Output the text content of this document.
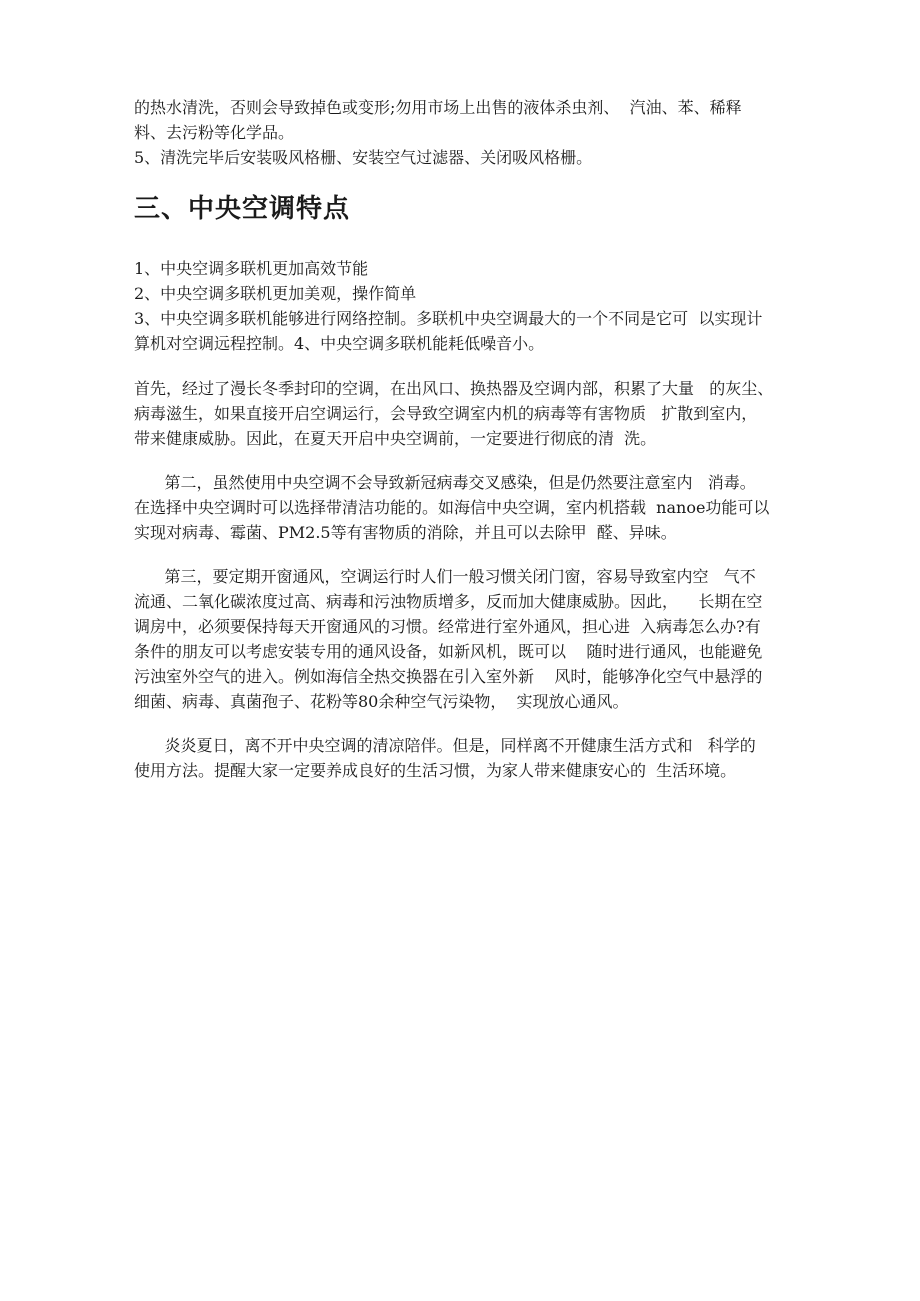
的热水清洗，否则会导致掉色或变形;勿用市场上出售的液体杀虫剂、  汽油、苯、稀释

料、去污粉等化学品。

5、清洗完毕后安装吸风格栅、安装空气过滤器、关闭吸风格栅。

三、中央空调特点

1、中央空调多联机更加高效节能

2、中央空调多联机更加美观，操作简单

3、中央空调多联机能够进行网络控制。多联机中央空调最大的一个不同是它可  以实现计

算机对空调远程控制。4、中央空调多联机能耗低噪音小。

首先，经过了漫长冬季封印的空调，在出风口、换热器及空调内部，积累了大量   的灰尘、

病毒滋生，如果直接开启空调运行，会导致空调室内机的病毒等有害物质   扩散到室内，

带来健康威胁。因此，在夏天开启中央空调前，一定要进行彻底的清  洗。

第二，虽然使用中央空调不会导致新冠病毒交叉感染，但是仍然要注意室内   消毒。

在选择中央空调时可以选择带清洁功能的。如海信中央空调，室内机搭载  nanoe功能可以

实现对病毒、霉菌、PM2.5等有害物质的消除，并且可以去除甲  醛、异味。

第三，要定期开窗通风，空调运行时人们一般习惯关闭门窗，容易导致室内空   气不

流通、二氧化碳浓度过高、病毒和污浊物质增多，反而加大健康威胁。因此，    长期在空

调房中，必须要保持每天开窗通风的习惯。经常进行室外通风，担心进  入病毒怎么办?有

条件的朋友可以考虑安装专用的通风设备，如新风机，既可以    随时进行通风，也能避免

污浊室外空气的进入。例如海信全热交换器在引入室外新    风时，能够净化空气中悬浮的

细菌、病毒、真菌孢子、花粉等80余种空气污染物，  实现放心通风。

炎炎夏日，离不开中央空调的清凉陪伴。但是，同样离不开健康生活方式和   科学的

使用方法。提醒大家一定要养成良好的生活习惯，为家人带来健康安心的  生活环境。
